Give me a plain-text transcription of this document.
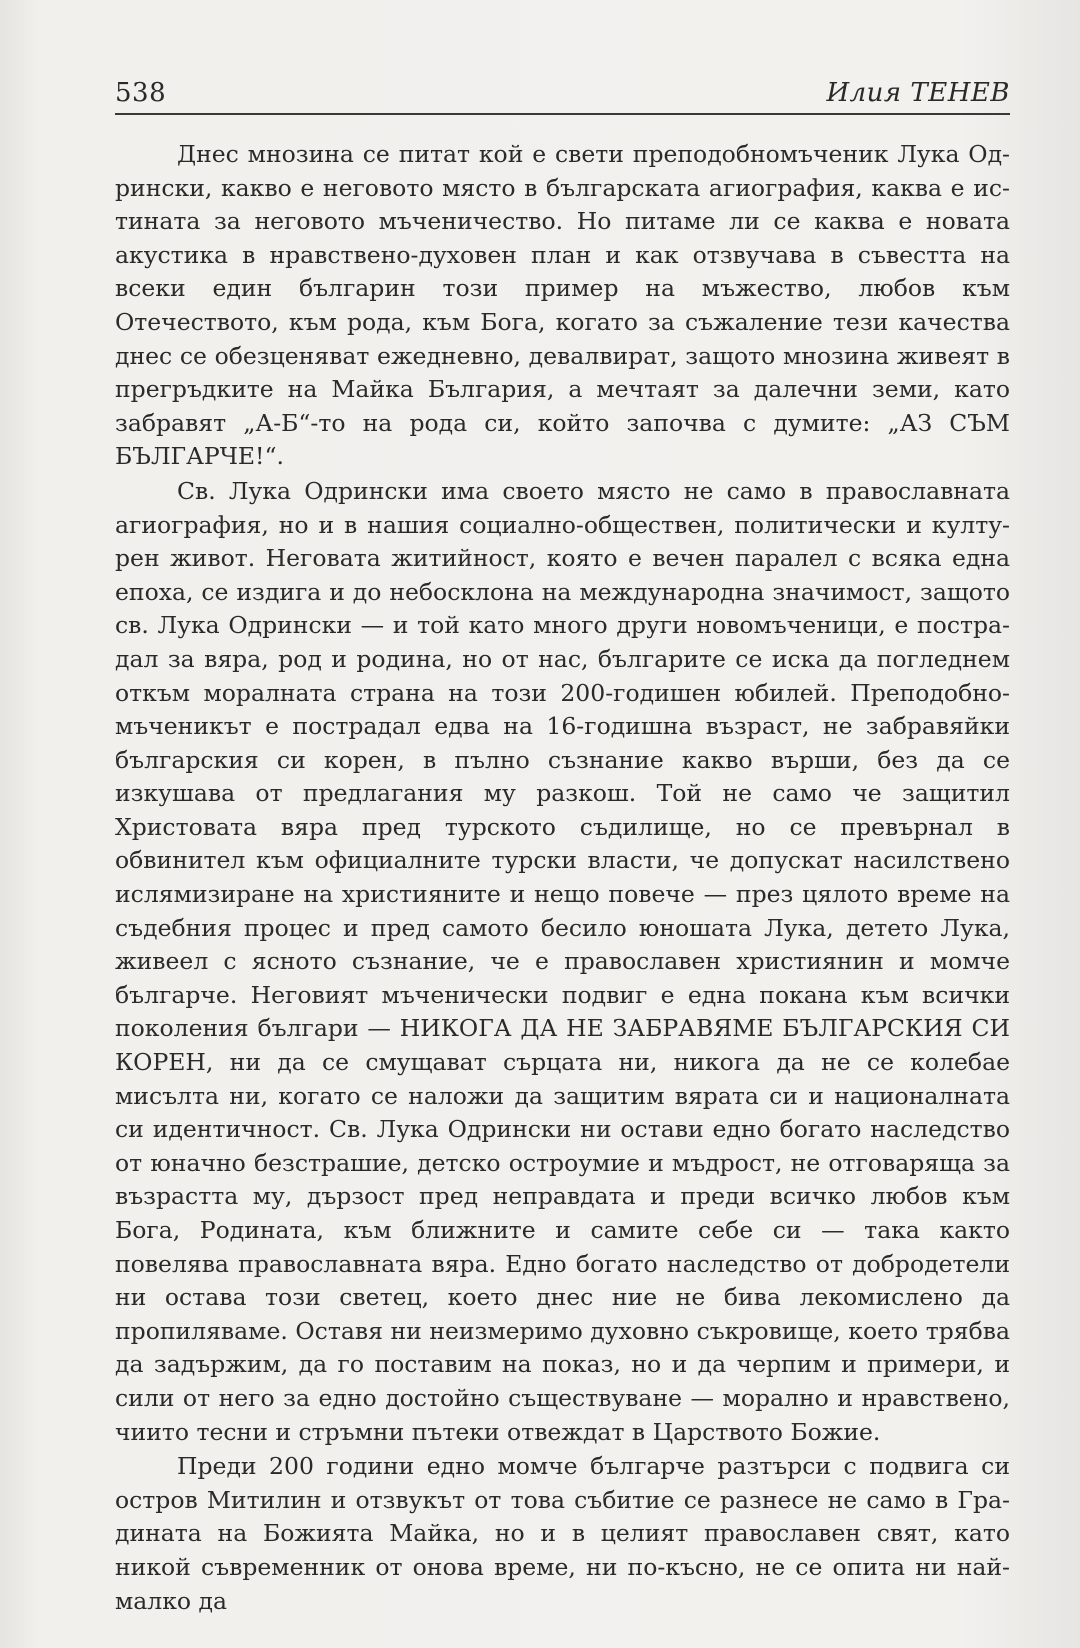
538	Илия ТЕНЕВ

Днес мнозина се питат кой е свети преподобномъченик Лука Одрински, какво е неговото място в българската агиография, каква е истината за неговото мъченичество. Но питаме ли се каква е новата акустика в нравствено-духовен план и как отзвучава в съвестта на всеки един българин този пример на мъжество, любов към Отечеството, към рода, към Бога, когато за съжаление тези качества днес се обезценяват ежедневно, девалвират, защото мнозина живеят в прегръдките на Майка България, а мечтаят за далечни земи, като забравят „А-Б“-то на рода си, който започва с думите: „АЗ СЪМ БЪЛГАРЧЕ!“.

Св. Лука Одрински има своето място не само в православната агиография, но и в нашия социално-обществен, политически и културен живот. Неговата житийност, която е вечен паралел с всяка една епоха, се издига и до небосклона на международна значимост, защото св. Лука Одрински — и той като много други новомъченици, е пострадал за вяра, род и родина, но от нас, българите се иска да погледнем откъм моралната страна на този 200-годишен юбилей. Преподобномъченикът е пострадал едва на 16-годишна възраст, не забравяйки българския си корен, в пълно съзнание какво върши, без да се изкушава от предлагания му разкош. Той не само че защитил Христовата вяра пред турското съдилище, но се превърнал в обвинител към официалните турски власти, че допускат насилствено ислямизиране на християните и нещо повече — през цялото време на съдебния процес и пред самото бесило юношата Лука, детето Лука, живеел с ясното съзнание, че е православен християнин и момче българче. Неговият мъченически подвиг е една покана към всички поколения българи — НИКОГА ДА НЕ ЗАБРАВЯМЕ БЪЛГАРСКИЯ СИ КОРЕН, ни да се смущават сърцата ни, никога да не се колебае мисълта ни, когато се наложи да защитим вярата си и националната си идентичност. Св. Лука Одрински ни остави едно богато наследство от юначно безстрашие, детско остроумие и мъдрост, не отговаряща за възрастта му, дързост пред неправдата и преди всичко любов към Бога, Родината, към ближните и самите себе си — така както повелява православната вяра. Едно богато наследство от добродетели ни остава този светец, което днес ние не бива лекомислено да пропиляваме. Оставя ни неизмеримо духовно съкровище, което трябва да задържим, да го поставим на показ, но и да черпим и примери, и сили от него за едно достойно съществуване — морално и нравствено, чиито тесни и стръмни пътеки отвеждат в Царството Божие.

Преди 200 години едно момче българче разтърси с подвига си остров Митилин и отзвукът от това събитие се разнесе не само в Градината на Божията Майка, но и в целият православен свят, като никой съвременник от онова време, ни по-късно, не се опита ни най-малко да
